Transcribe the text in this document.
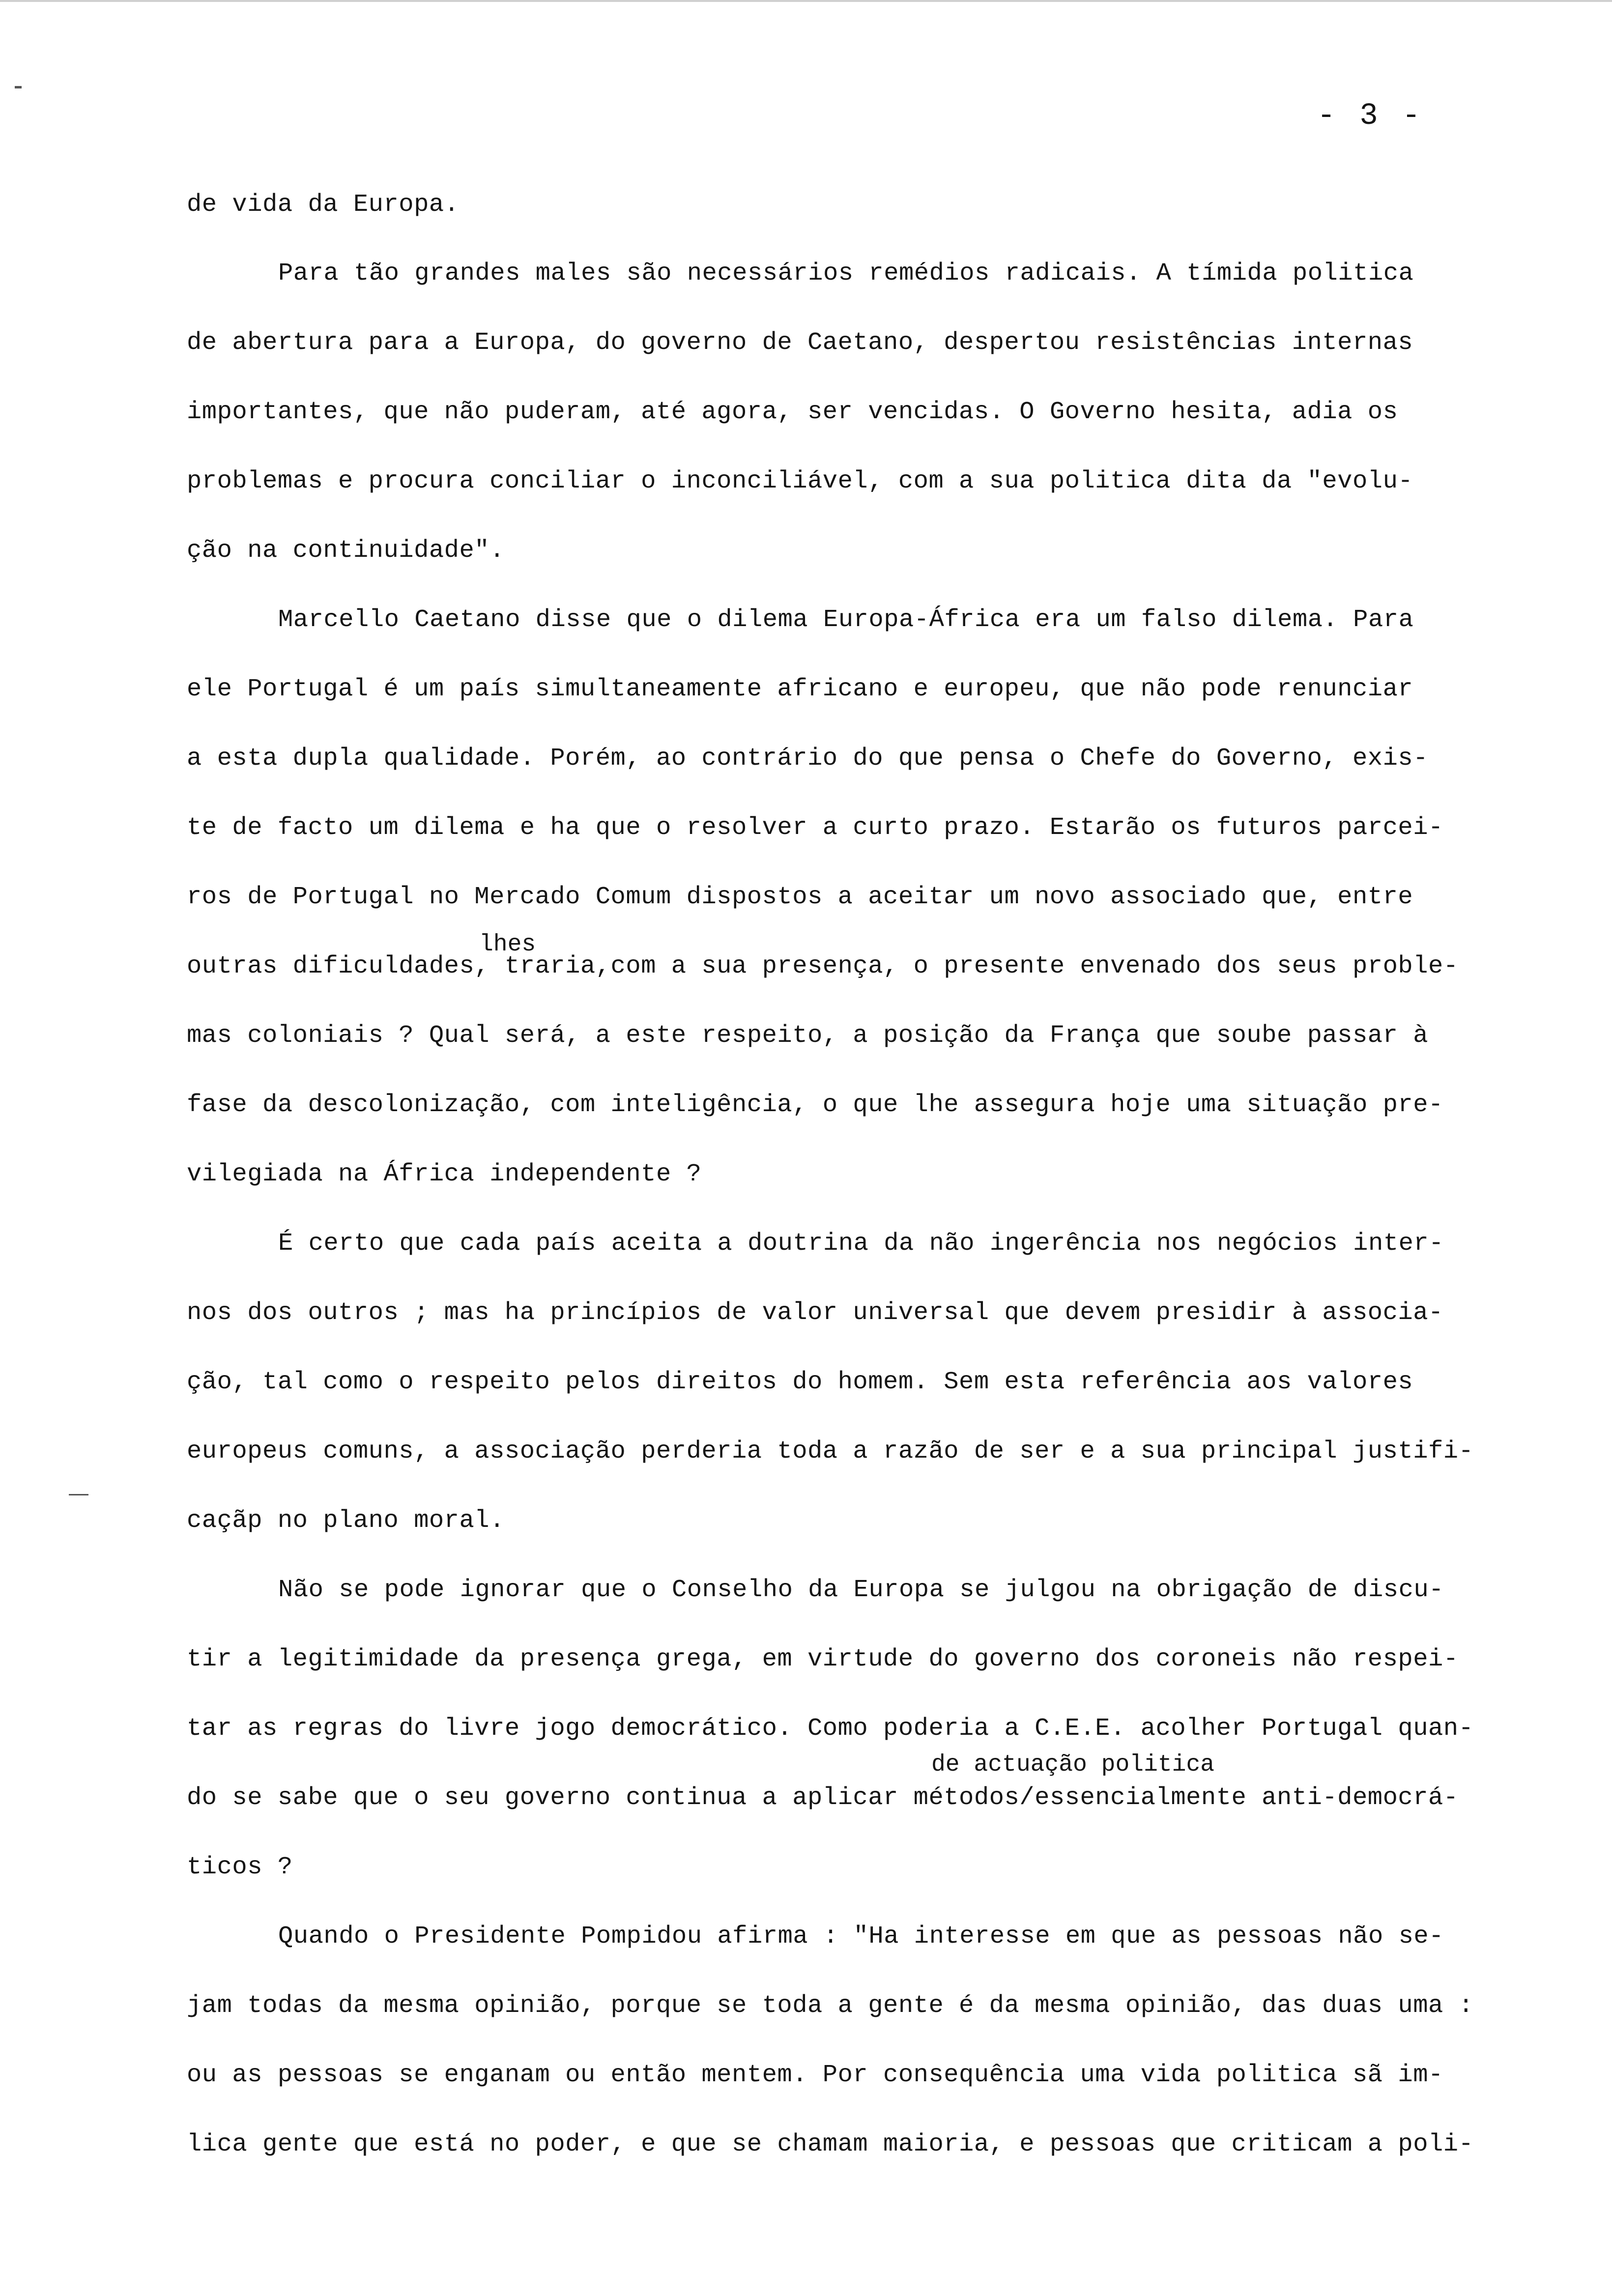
- 3 -
de vida da Europa.
Para tão grandes males são necessários remédios radicais. A tímida politica
de abertura para a Europa, do governo de Caetano, despertou resistências internas
importantes, que não puderam, até agora, ser vencidas. O Governo hesita, adia os
problemas e procura conciliar o inconciliável, com a sua politica dita da "evolu-
ção na continuidade".
Marcello Caetano disse que o dilema Europa-África era um falso dilema. Para
ele Portugal é um país simultaneamente africano e europeu, que não pode renunciar
a esta dupla qualidade. Porém, ao contrário do que pensa o Chefe do Governo, exis-
te de facto um dilema e ha que o resolver a curto prazo. Estarão os futuros parcei-
ros de Portugal no Mercado Comum dispostos a aceitar um novo associado que, entre
lhes
outras dificuldades, traria,com a sua presença, o presente envenado dos seus proble-
mas coloniais ? Qual será, a este respeito, a posição da França que soube passar à
fase da descolonização, com inteligência, o que lhe assegura hoje uma situação pre-
vilegiada na África independente ?
É certo que cada país aceita a doutrina da não ingerência nos negócios inter-
nos dos outros ; mas ha princípios de valor universal que devem presidir à associa-
ção, tal como o respeito pelos direitos do homem. Sem esta referência aos valores
europeus comuns, a associação perderia toda a razão de ser e a sua principal justifi-
caçãp no plano moral.
Não se pode ignorar que o Conselho da Europa se julgou na obrigação de discu-
tir a legitimidade da presença grega, em virtude do governo dos coroneis não respei-
tar as regras do livre jogo democrático. Como poderia a C.E.E. acolher Portugal quan-
de actuação politica
do se sabe que o seu governo continua a aplicar métodos/essencialmente anti-democrá-
ticos ?
Quando o Presidente Pompidou afirma : "Ha interesse em que as pessoas não se-
jam todas da mesma opinião, porque se toda a gente é da mesma opinião, das duas uma :
ou as pessoas se enganam ou então mentem. Por consequência uma vida politica sã im-
lica gente que está no poder, e que se chamam maioria, e pessoas que criticam a poli-
